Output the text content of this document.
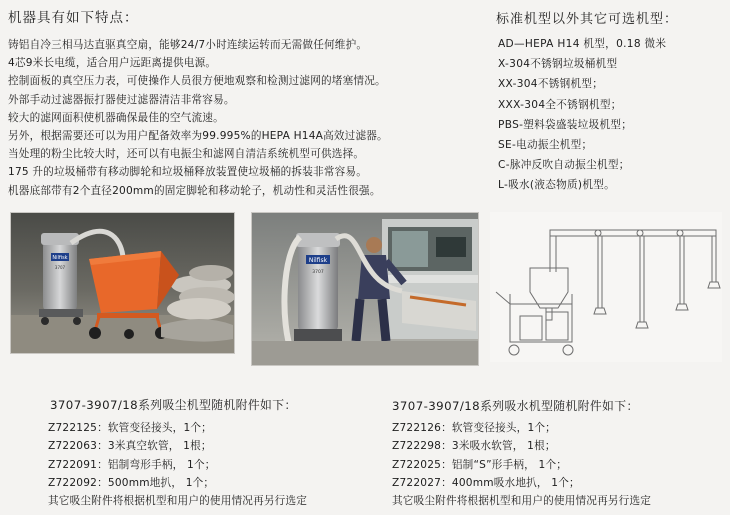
机器具有如下特点：
铸铝自冷三相马达直驱真空扇，能够24/7小时连续运转而无需做任何维护。
4芯9米长电缆，适合用户远距离提供电源。
控制面板的真空压力表，可使操作人员很方便地观察和检测过滤网的堵塞情况。
外部手动过滤器振打器使过滤器清洁非常容易。
较大的滤网面积使机器确保最佳的空气流速。
另外，根据需要还可以为用户配备效率为99.995%的HEPA H14A高效过滤器。
当处理的粉尘比较大时，还可以有电振尘和滤网自清洁系统机型可供选择。
175 升的垃圾桶带有移动脚轮和垃圾桶释放装置使垃圾桶的拆装非常容易。
机器底部带有2个直径200mm的固定脚轮和移动轮子，机动性和灵活性很强。
标准机型以外其它可选机型：
AD—HEPA H14 机型，0.18 微米
X-304不锈钢垃圾桶机型
XX-304不锈钢机型；
XXX-304全不锈钢机型；
PBS-塑料袋盛装垃圾机型；
SE-电动振尘机型；
C-脉冲反吹自动振尘机型；
L-吸水(液态物质)机型。
Nilfisk
3707
Nilfisk
3707
3707-3907/18系列吸尘机型随机附件如下：
Z722125：软管变径接头，1个；
Z722063：3米真空软管， 1根；
Z722091：铝制弯形手柄， 1个；
Z722092：500mm地扒， 1个；
其它吸尘附件将根据机型和用户的使用情况再另行选定
3707-3907/18系列吸水机型随机附件如下：
Z722126：软管变径接头，1个；
Z722298：3米吸水软管， 1根；
Z722025：铝制“S”形手柄， 1个；
Z722027：400mm吸水地扒， 1个；
其它吸尘附件将根据机型和用户的使用情况再另行选定
